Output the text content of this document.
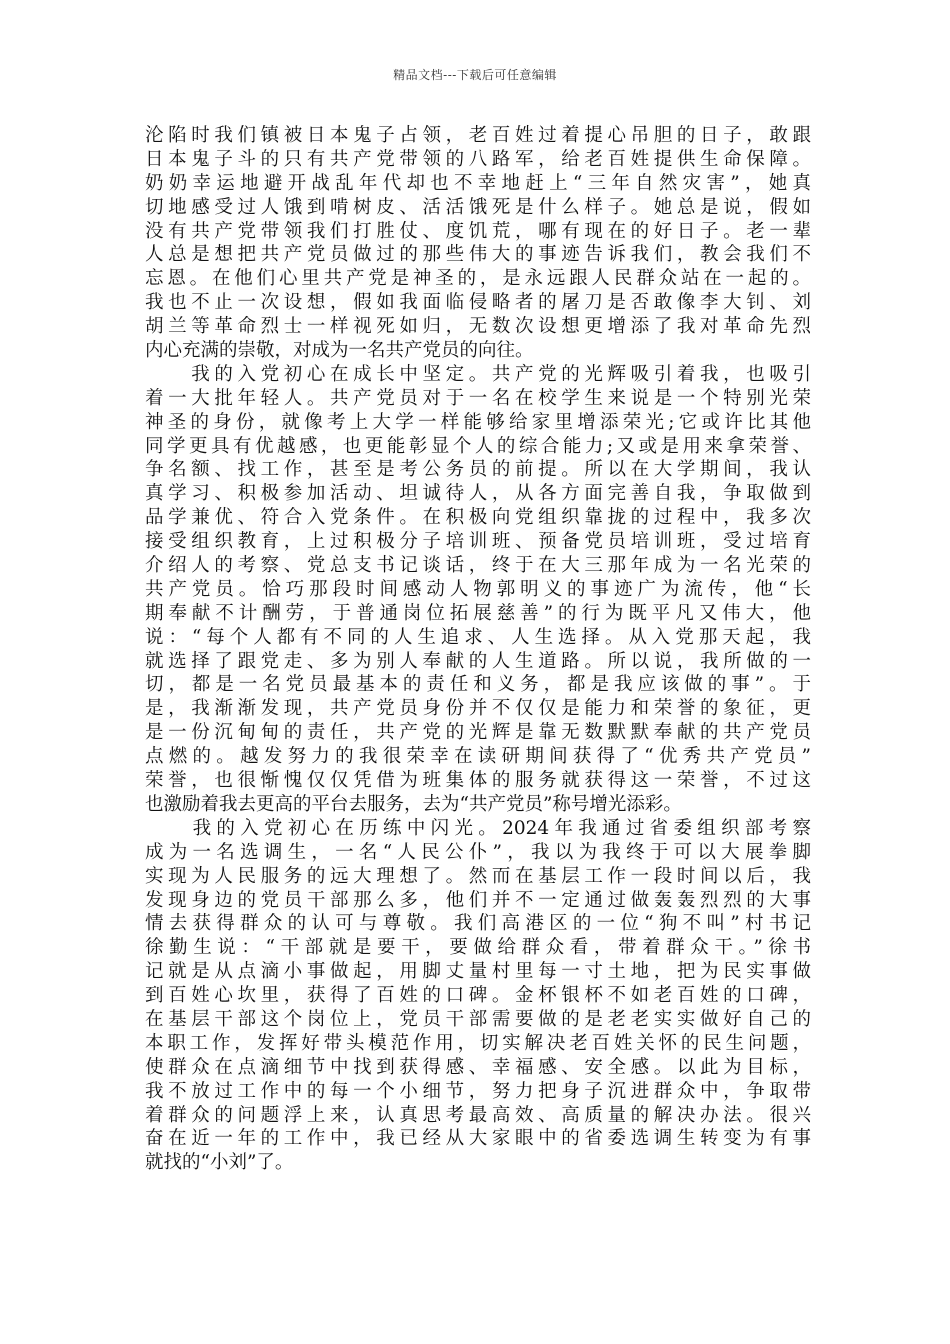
精品文档---下载后可任意编辑
沦陷时我们镇被日本鬼子占领，老百姓过着提心吊胆的日子，敢跟
日本鬼子斗的只有共产党带领的八路军，给老百姓提供生命保障。
奶奶幸运地避开战乱年代却也不幸地赶上“三年自然灾害”，她真
切地感受过人饿到啃树皮、活活饿死是什么样子。她总是说，假如
没有共产党带领我们打胜仗、度饥荒，哪有现在的好日子。老一辈
人总是想把共产党员做过的那些伟大的事迹告诉我们，教会我们不
忘恩。在他们心里共产党是神圣的，是永远跟人民群众站在一起的。
我也不止一次设想，假如我面临侵略者的屠刀是否敢像李大钊、刘
胡兰等革命烈士一样视死如归，无数次设想更增添了我对革命先烈
内心充满的崇敬，对成为一名共产党员的向往。
　　我的入党初心在成长中坚定。共产党的光辉吸引着我，也吸引
着一大批年轻人。共产党员对于一名在校学生来说是一个特别光荣
神圣的身份，就像考上大学一样能够给家里增添荣光;它或许比其他
同学更具有优越感，也更能彰显个人的综合能力;又或是用来拿荣誉、
争名额、找工作，甚至是考公务员的前提。所以在大学期间，我认
真学习、积极参加活动、坦诚待人，从各方面完善自我，争取做到
品学兼优、符合入党条件。在积极向党组织靠拢的过程中，我多次
接受组织教育，上过积极分子培训班、预备党员培训班，受过培育
介绍人的考察、党总支书记谈话，终于在大三那年成为一名光荣的
共产党员。恰巧那段时间感动人物郭明义的事迹广为流传，他“长
期奉献不计酬劳，于普通岗位拓展慈善”的行为既平凡又伟大，他
说：“每个人都有不同的人生追求、人生选择。从入党那天起，我
就选择了跟党走、多为别人奉献的人生道路。所以说，我所做的一
切，都是一名党员最基本的责任和义务，都是我应该做的事”。于
是，我渐渐发现，共产党员身份并不仅仅是能力和荣誉的象征，更
是一份沉甸甸的责任，共产党的光辉是靠无数默默奉献的共产党员
点燃的。越发努力的我很荣幸在读研期间获得了“优秀共产党员”
荣誉，也很惭愧仅仅凭借为班集体的服务就获得这一荣誉，不过这
也激励着我去更高的平台去服务，去为“共产党员”称号增光添彩。
　　我的入党初心在历练中闪光。2024年我通过省委组织部考察
成为一名选调生，一名“人民公仆”，我以为我终于可以大展拳脚
实现为人民服务的远大理想了。然而在基层工作一段时间以后，我
发现身边的党员干部那么多，他们并不一定通过做轰轰烈烈的大事
情去获得群众的认可与尊敬。我们高港区的一位“狗不叫”村书记
徐勤生说：“干部就是要干，要做给群众看，带着群众干。”徐书
记就是从点滴小事做起，用脚丈量村里每一寸土地，把为民实事做
到百姓心坎里，获得了百姓的口碑。金杯银杯不如老百姓的口碑，
在基层干部这个岗位上，党员干部需要做的是老老实实做好自己的
本职工作，发挥好带头模范作用，切实解决老百姓关怀的民生问题，
使群众在点滴细节中找到获得感、幸福感、安全感。以此为目标，
我不放过工作中的每一个小细节，努力把身子沉进群众中，争取带
着群众的问题浮上来，认真思考最高效、高质量的解决办法。很兴
奋在近一年的工作中，我已经从大家眼中的省委选调生转变为有事
就找的“小刘”了。
